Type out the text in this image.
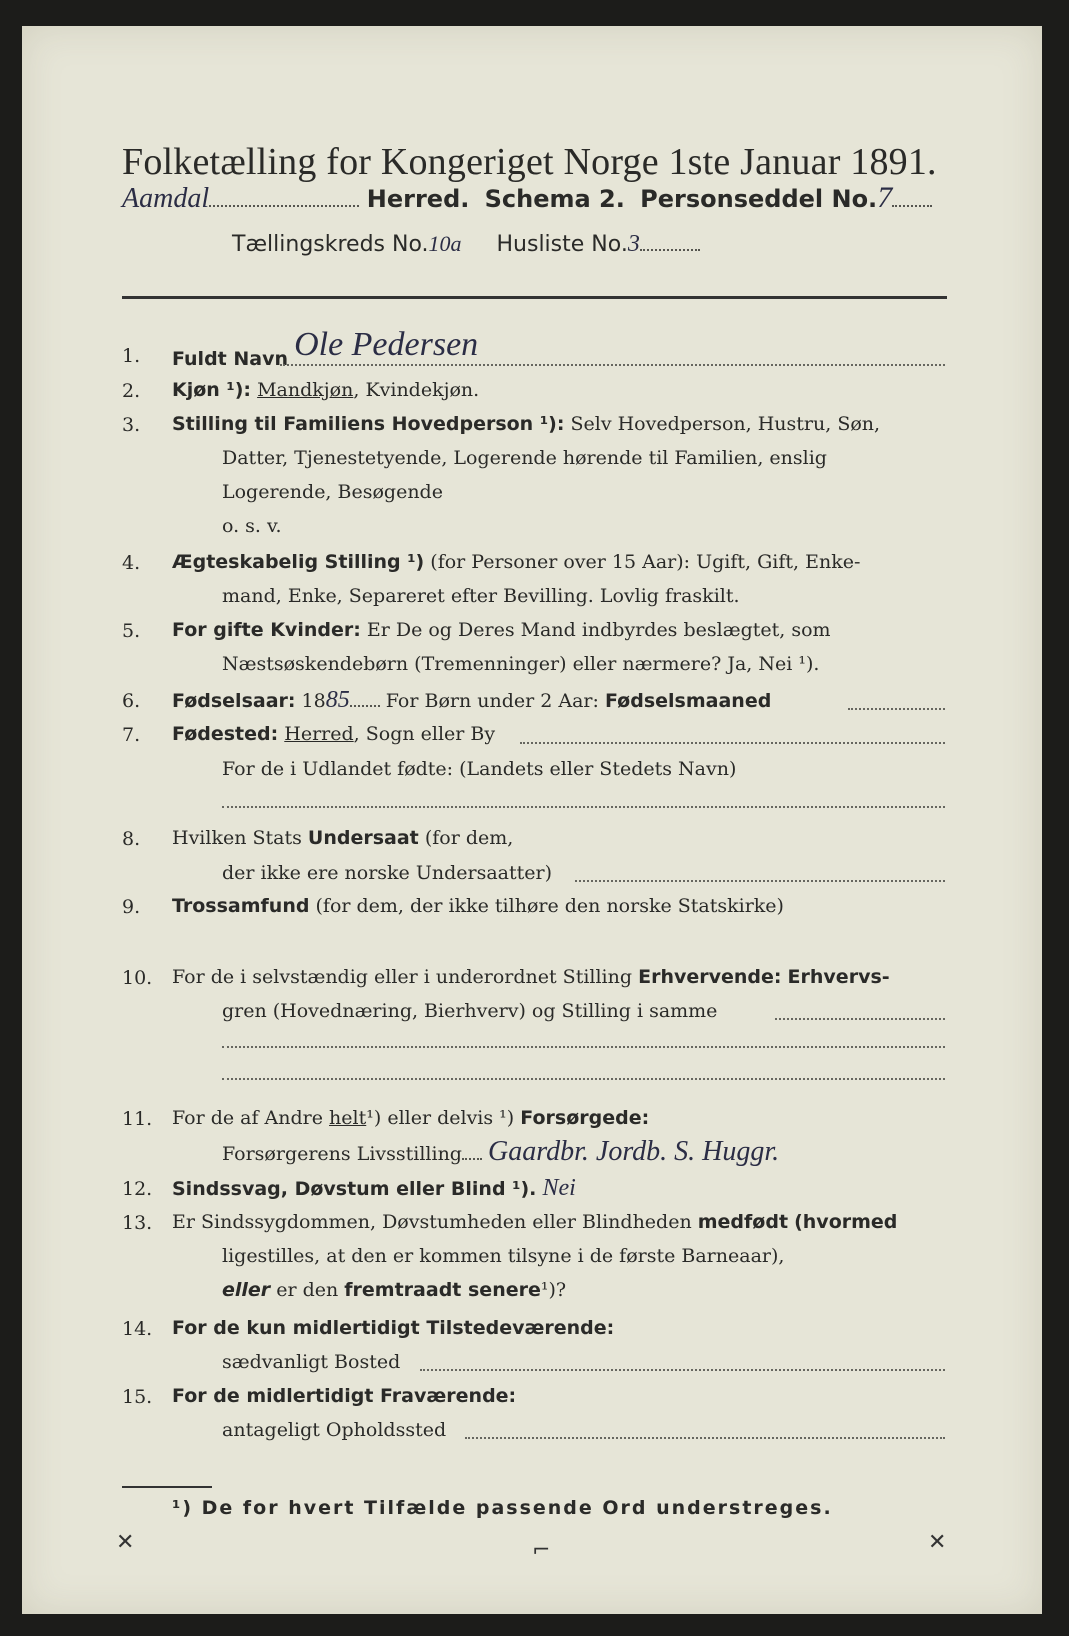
Folketælling for Kongeriget Norge 1ste Januar 1891.
Aamdal	Herred. Schema 2. Personseddel No.7
Tællingskreds No.10a Husliste No.3
1. Fuldt Navn Ole Pedersen
2. Kjøn ¹): Mandkjøn, Kvindekjøn.
3. Stilling til Familiens Hovedperson ¹): Selv Hovedperson, Hustru, Søn,
Datter, Tjenestetyende, Logerende hørende til Familien, enslig
Logerende, Besøgende
o. s. v.
4. Ægteskabelig Stilling ¹) (for Personer over 15 Aar): Ugift, Gift, Enke-
mand, Enke, Separeret efter Bevilling. Lovlig fraskilt.
5. For gifte Kvinder: Er De og Deres Mand indbyrdes beslægtet, som
Næstsøskendebørn (Tremenninger) eller nærmere? Ja, Nei ¹).
6. Fødselsaar: 1885 For Børn under 2 Aar: Fødselsmaaned
7. Fødested: Herred, Sogn eller By
For de i Udlandet fødte: (Landets eller Stedets Navn)
8. Hvilken Stats Undersaat (for dem,
der ikke ere norske Undersaatter)
9. Trossamfund (for dem, der ikke tilhøre den norske Statskirke)
10. For de i selvstændig eller i underordnet Stilling Erhvervende: Erhvervs-
gren (Hovednæring, Bierhverv) og Stilling i samme
11. For de af Andre helt¹) eller delvis ¹) Forsørgede:
Forsørgerens Livsstilling Gaardbr. Jordb. S. Huggr.
12. Sindssvag, Døvstum eller Blind ¹). Nei
13. Er Sindssygdommen, Døvstumheden eller Blindheden medfødt (hvormed
ligestilles, at den er kommen tilsyne i de første Barneaar),
eller er den fremtraadt senere¹)?
14. For de kun midlertidigt Tilstedeværende:
sædvanligt Bosted
15. For de midlertidigt Fraværende:
antageligt Opholdssted
¹) De for hvert Tilfælde passende Ord understreges.
✕	⌐	✕
